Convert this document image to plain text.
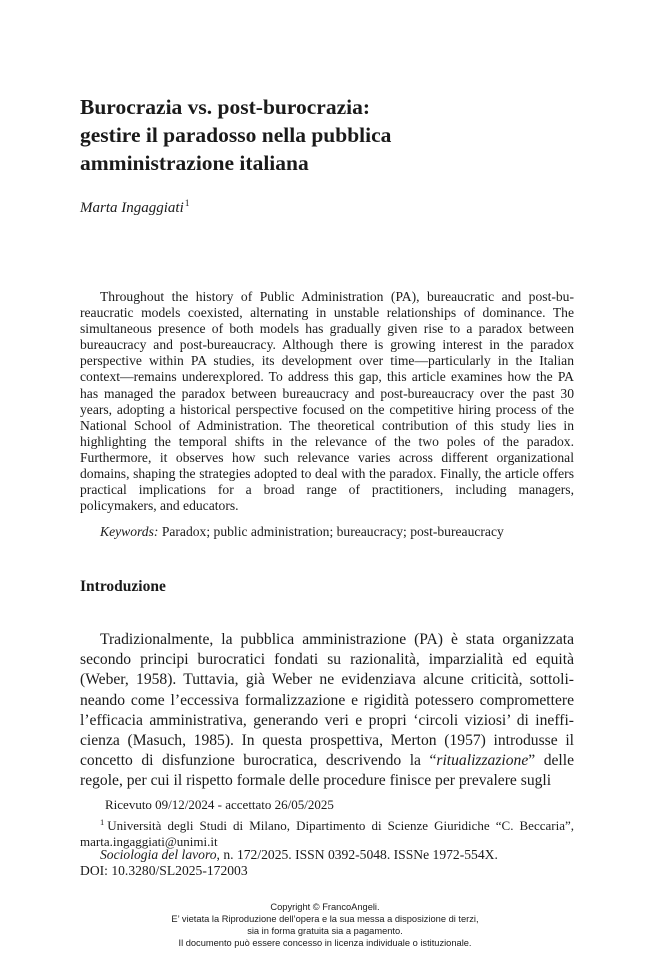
Burocrazia vs. post-burocrazia:
gestire il paradosso nella pubblica
amministrazione italiana
Marta Ingaggiati$^1$

Throughout the history of Public Administration (PA), bureaucratic and post-bureaucratic models coexisted, alternating in unstable relationships of dominance. The simultaneous presence of both models has gradually given rise to a paradox between bureaucracy and post-bureaucracy. Although there is growing interest in the paradox perspective within PA studies, its development over time—particularly in the Italian context—remains underexplored. To address this gap, this article examines how the PA has managed the paradox between bureaucracy and post-bureaucracy over the past 30 years, adopting a historical perspective focused on the competitive hiring process of the National School of Administration. The theoretical contribution of this study lies in highlighting the temporal shifts in the relevance of the two poles of the paradox. Furthermore, it observes how such relevance varies across different organizational domains, shaping the strategies adopted to deal with the paradox. Finally, the article offers practical implications for a broad range of practitioners, including managers, policymakers, and educators.

Keywords: Paradox; public administration; bureaucracy; post-bureaucracy
Introduzione

Tradizionalmente, la pubblica amministrazione (PA) è stata organizzata secondo principi burocratici fondati su razionalità, imparzialità ed equità (Weber, 1958). Tuttavia, già Weber ne evidenziava alcune criticità, sottolineando come l’eccessiva formalizzazione e rigidità potessero compromettere l’efficacia amministrativa, generando veri e propri ‘circoli viziosi’ di inefficienza (Masuch, 1985). In questa prospettiva, Merton (1957) introdusse il concetto di disfunzione burocratica, descrivendo la “ritualizzazione” delle regole, per cui il rispetto formale delle procedure finisce per prevalere sugli

Ricevuto 09/12/2024 - accettato 26/05/2025
$^1$ Università degli Studi di Milano, Dipartimento di Scienze Giuridiche “C. Beccaria”, marta.ingaggiati@unimi.it
Sociologia del lavoro, n. 172/2025. ISSN 0392-5048. ISSNe 1972-554X.
DOI: 10.3280/SL2025-172003
Copyright © FrancoAngeli.
E’ vietata la Riproduzione dell’opera e la sua messa a disposizione di terzi,
sia in forma gratuita sia a pagamento.
Il documento può essere concesso in licenza individuale o istituzionale.
